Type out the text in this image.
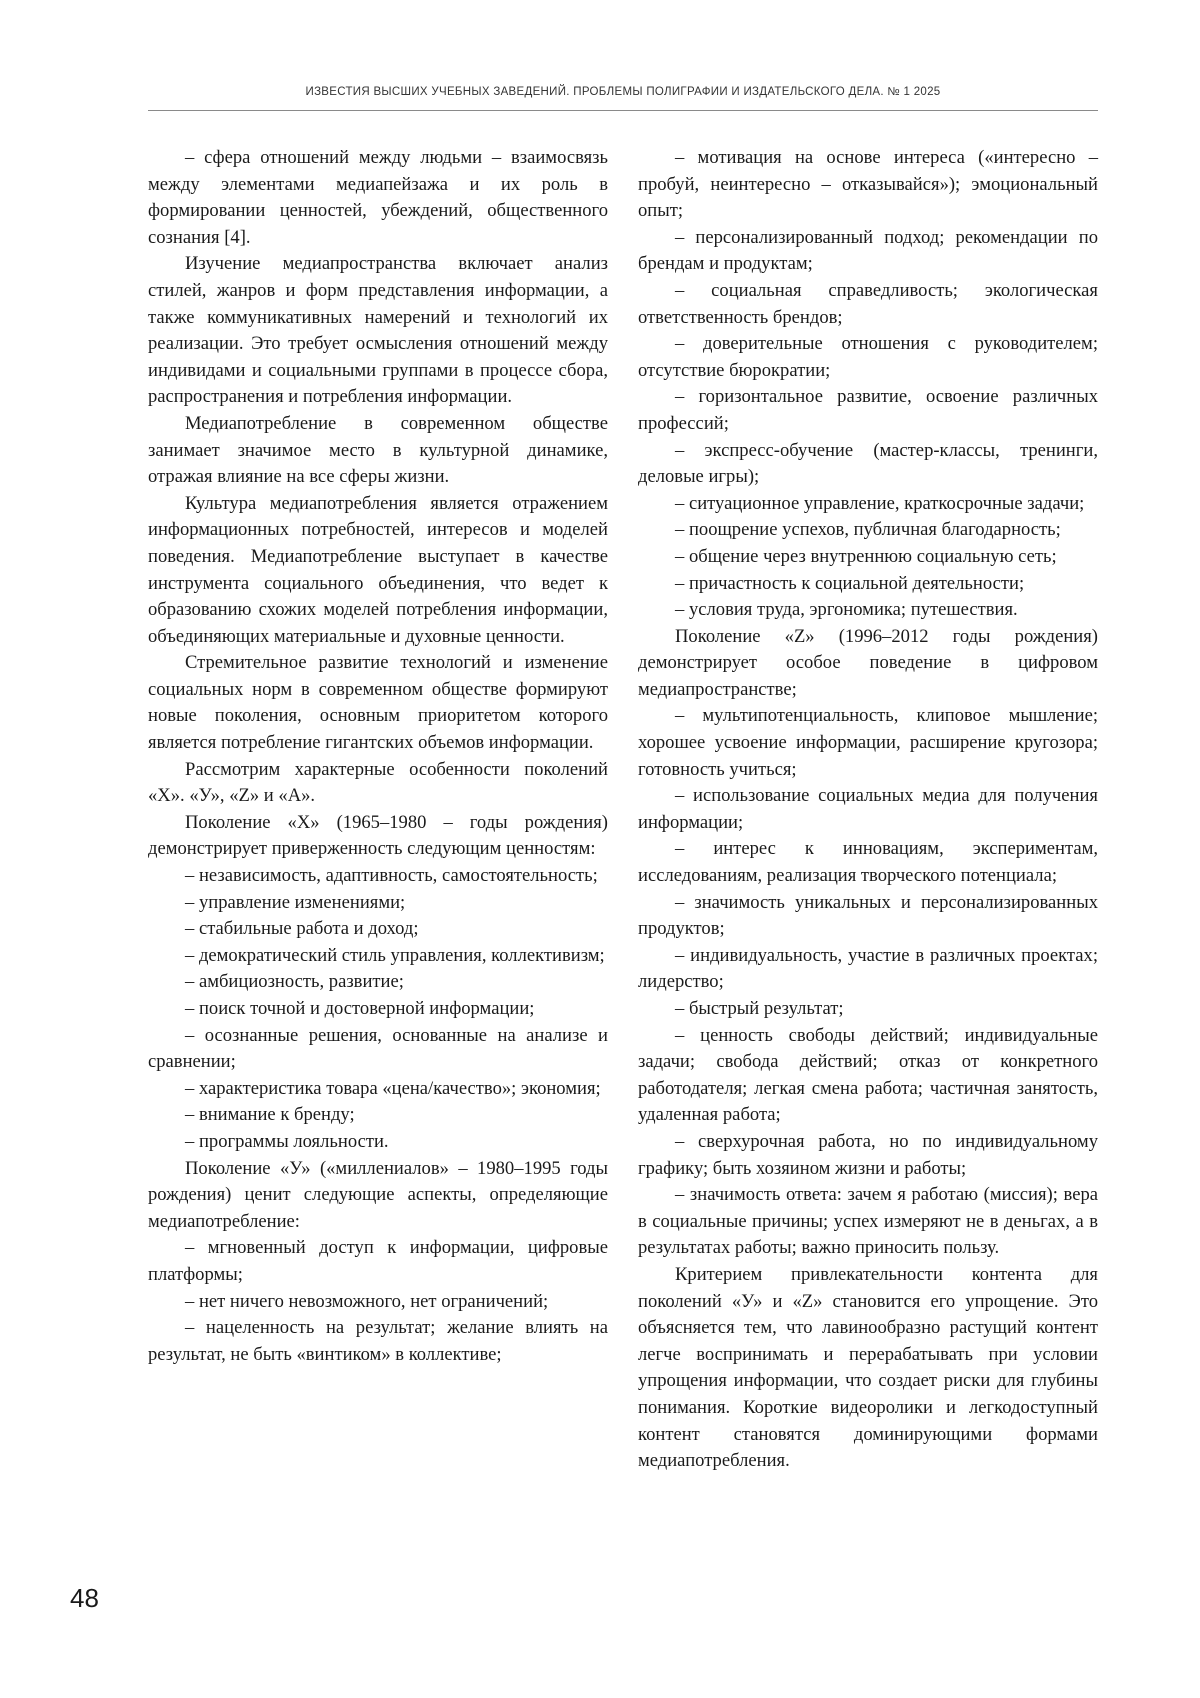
ИЗВЕСТИЯ ВЫСШИХ УЧЕБНЫХ ЗАВЕДЕНИЙ. ПРОБЛЕМЫ ПОЛИГРАФИИ И ИЗДАТЕЛЬСКОГО ДЕЛА. № 1 2025

– сфера отношений между людьми – взаимосвязь между элементами медиапейзажа и их роль в формировании ценностей, убеждений, общественного сознания [4].

Изучение медиапространства включает анализ стилей, жанров и форм представления информации, а также коммуникативных намерений и технологий их реализации. Это требует осмысления отношений между индивидами и социальными группами в процессе сбора, распространения и потребления информации.

Медиапотребление в современном обществе занимает значимое место в культурной динамике, отражая влияние на все сферы жизни.

Культура медиапотребления является отражением информационных потребностей, интересов и моделей поведения. Медиапотребление выступает в качестве инструмента социального объединения, что ведет к образованию схожих моделей потребления информации, объединяющих материальные и духовные ценности.

Стремительное развитие технологий и изменение социальных норм в современном обществе формируют новые поколения, основным приоритетом которого является потребление гигантских объемов информации.

Рассмотрим характерные особенности поколений «X». «У», «Z» и «A».

Поколение «X» (1965–1980 – годы рождения) демонстрирует приверженность следующим ценностям:

– независимость, адаптивность, самостоятельность;

– управление изменениями;

– стабильные работа и доход;

– демократический стиль управления, коллективизм;

– амбициозность, развитие;

– поиск точной и достоверной информации;

– осознанные решения, основанные на анализе и сравнении;

– характеристика товара «цена/качество»; экономия;

– внимание к бренду;

– программы лояльности.

Поколение «У» («миллениалов» – 1980–1995 годы рождения) ценит следующие аспекты, определяющие медиапотребление:

– мгновенный доступ к информации, цифровые платформы;

– нет ничего невозможного, нет ограничений;

– нацеленность на результат; желание влиять на результат, не быть «винтиком» в коллективе;

– мотивация на основе интереса («интересно – пробуй, неинтересно – отказывайся»); эмоциональный опыт;

– персонализированный подход; рекомендации по брендам и продуктам;

– социальная справедливость; экологическая ответственность брендов;

– доверительные отношения с руководителем; отсутствие бюрократии;

– горизонтальное развитие, освоение различных профессий;

– экспресс-обучение (мастер-классы, тренинги, деловые игры);

– ситуационное управление, краткосрочные задачи;

– поощрение успехов, публичная благодарность;

– общение через внутреннюю социальную сеть;

– причастность к социальной деятельности;

– условия труда, эргономика; путешествия.

Поколение «Z» (1996–2012 годы рождения) демонстрирует особое поведение в цифровом медиапространстве;

– мультипотенциальность, клиповое мышление; хорошее усвоение информации, расширение кругозора; готовность учиться;

– использование социальных медиа для получения информации;

– интерес к инновациям, экспериментам, исследованиям, реализация творческого потенциала;

– значимость уникальных и персонализированных продуктов;

– индивидуальность, участие в различных проектах; лидерство;

– быстрый результат;

– ценность свободы действий; индивидуальные задачи; свобода действий; отказ от конкретного работодателя; легкая смена работа; частичная занятость, удаленная работа;

– сверхурочная работа, но по индивидуальному графику; быть хозяином жизни и работы;

– значимость ответа: зачем я работаю (миссия); вера в социальные причины; успех измеряют не в деньгах, а в результатах работы; важно приносить пользу.

Критерием привлекательности контента для поколений «У» и «Z» становится его упрощение. Это объясняется тем, что лавинообразно растущий контент легче воспринимать и перерабатывать при условии упрощения информации, что создает риски для глубины понимания. Короткие видеоролики и легкодоступный контент становятся доминирующими формами медиапотребления.

48
